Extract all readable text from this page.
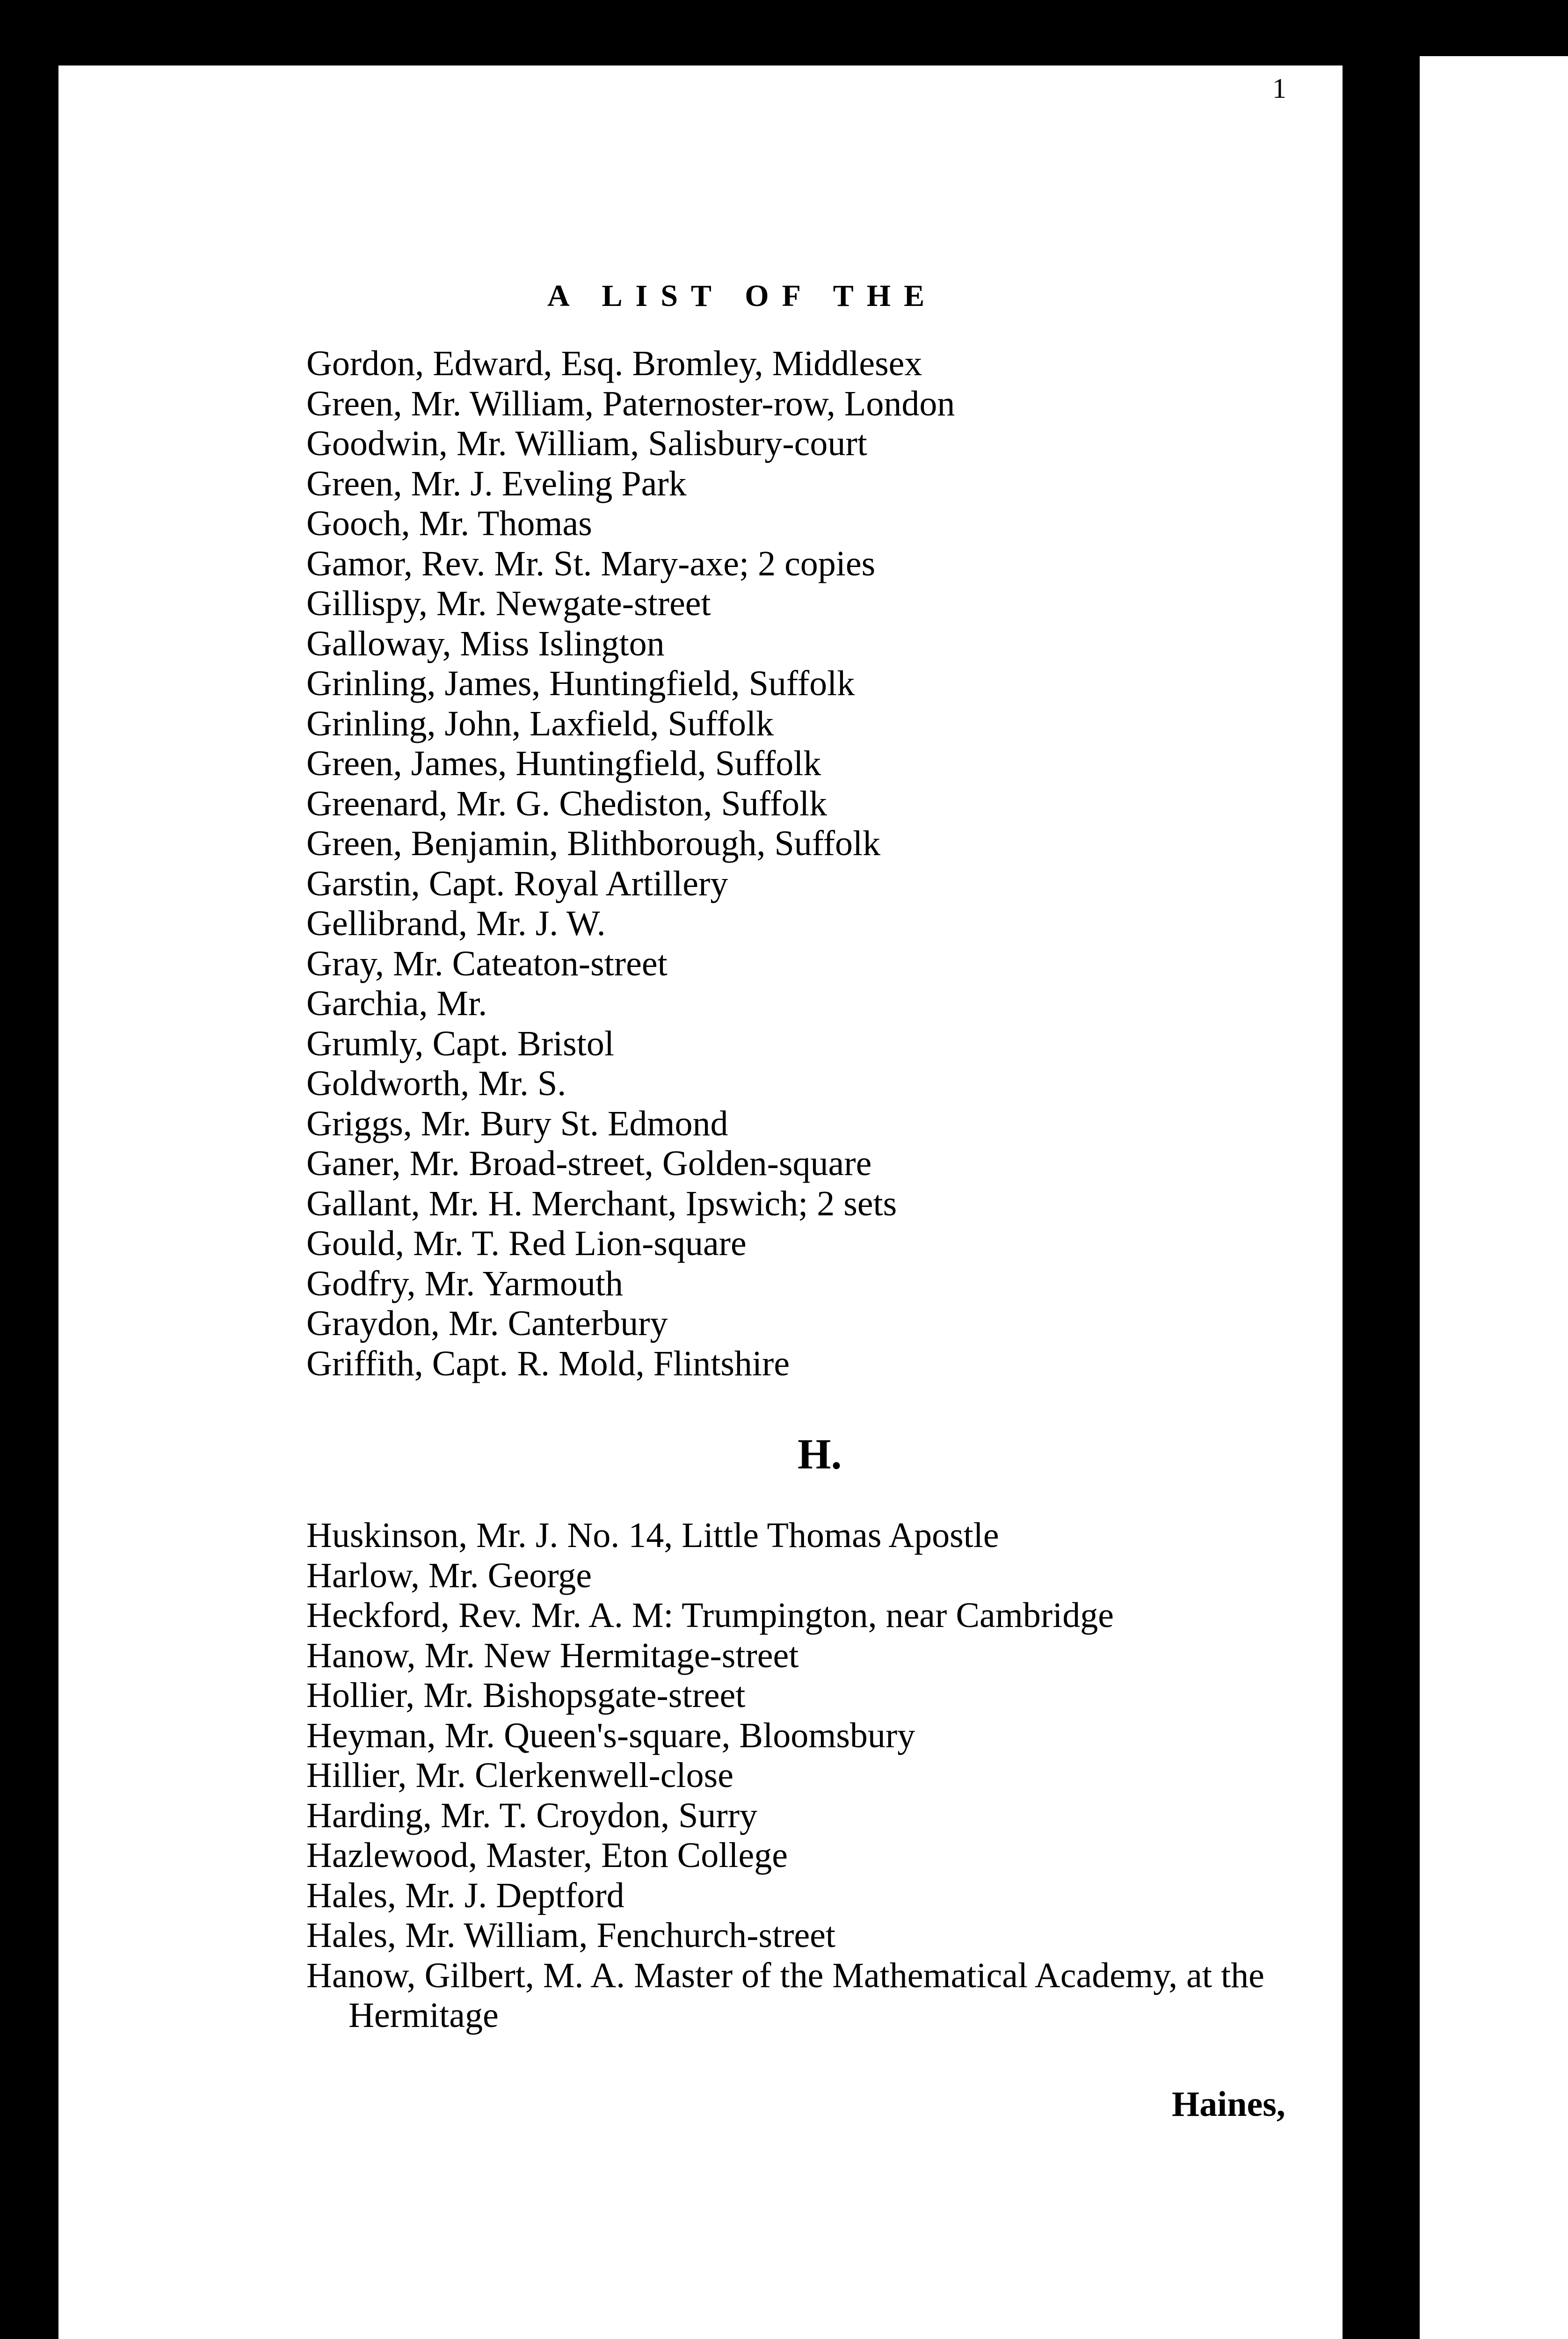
1
A LIST OF THE
Gordon, Edward, Esq. Bromley, Middlesex
Green, Mr. William, Paternoster-row, London
Goodwin, Mr. William, Salisbury-court
Green, Mr. J. Eveling Park
Gooch, Mr. Thomas
Gamor, Rev. Mr. St. Mary-axe; 2 copies
Gillispy, Mr. Newgate-street
Galloway, Miss Islington
Grinling, James, Huntingfield, Suffolk
Grinling, John, Laxfield, Suffolk
Green, James, Huntingfield, Suffolk
Greenard, Mr. G. Chediston, Suffolk
Green, Benjamin, Blithborough, Suffolk
Garstin, Capt. Royal Artillery
Gellibrand, Mr. J. W.
Gray, Mr. Cateaton-street
Garchia, Mr.
Grumly, Capt. Bristol
Goldworth, Mr. S.
Griggs, Mr. Bury St. Edmond
Ganer, Mr. Broad-street, Golden-square
Gallant, Mr. H. Merchant, Ipswich; 2 sets
Gould, Mr. T. Red Lion-square
Godfry, Mr. Yarmouth
Graydon, Mr. Canterbury
Griffith, Capt. R. Mold, Flintshire
H.
Huskinson, Mr. J. No. 14, Little Thomas Apostle
Harlow, Mr. George
Heckford, Rev. Mr. A. M: Trumpington, near Cambridge
Hanow, Mr. New Hermitage-street
Hollier, Mr. Bishopsgate-street
Heyman, Mr. Queen's-square, Bloomsbury
Hillier, Mr. Clerkenwell-close
Harding, Mr. T. Croydon, Surry
Hazlewood, Master, Eton College
Hales, Mr. J. Deptford
Hales, Mr. William, Fenchurch-street
Hanow, Gilbert, M. A. Master of the Mathematical Academy, at the Hermitage
Haines,
